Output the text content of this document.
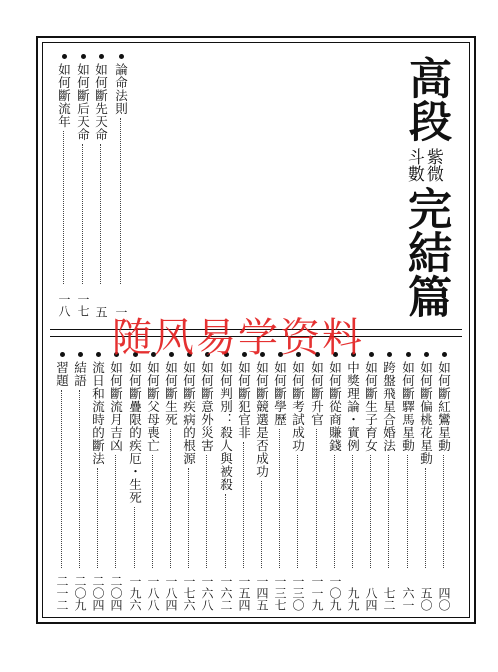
高段
紫微
斗數
完結篇
論命法則
一
如何斷先天命
五
如何斷后天命
一七
如何斷流年
一八
如何斷紅鸞星動
四〇
如何斷偏桃花星動
五〇
如何斷驛馬星動
六一
跨盤飛星合婚法
七二
如何斷生子育女
八四
中獎理論・實例
九九
如何斷從商賺錢
一〇九
如何斷升官
一一九
如何斷考試成功
一三〇
如何斷學歷
一三七
如何斷競選是否成功
一四五
如何斷犯官非
一五四
如何判別：殺人與被殺
一六二
如何斷意外災害
一六八
如何斷疾病的根源
一七六
如何斷生死
一八四
如何斷父母喪亡
一八八
如何斷疊限的疾厄・生死
一九六
如何斷流月吉凶
二〇四
流日和流時的斷法
二〇四
結語
二〇九
習題
二一二
随风易学资料
